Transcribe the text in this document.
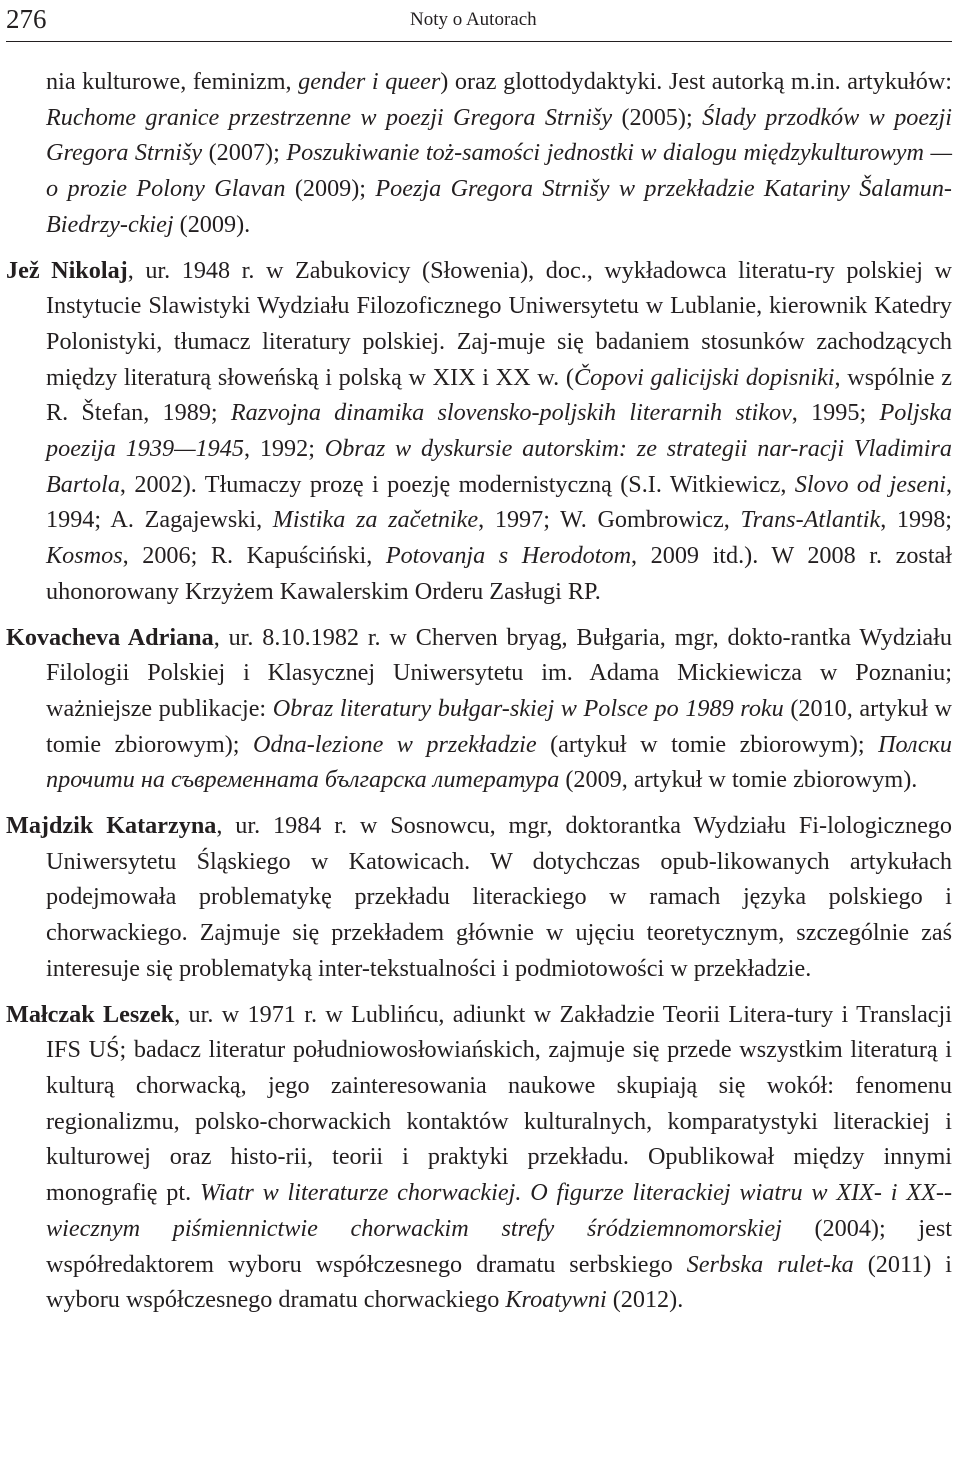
276	Noty o Autorach

nia kulturowe, feminizm, gender i queer) oraz glottodydaktyki. Jest autorką m.in. artykułów: Ruchome granice przestrzenne w poezji Gregora Strnišy (2005); Ślady przodków w poezji Gregora Strnišy (2007); Poszukiwanie toż-samości jednostki w dialogu międzykulturowym — o prozie Polony Glavan (2009); Poezja Gregora Strnišy w przekładzie Katariny Šalamun-Biedrzy-ckiej (2009).

Jež Nikolaj, ur. 1948 r. w Zabukovicy (Słowenia), doc., wykładowca literatu-ry polskiej w Instytucie Slawistyki Wydziału Filozoficznego Uniwersytetu w Lublanie, kierownik Katedry Polonistyki, tłumacz literatury polskiej. Zaj-muje się badaniem stosunków zachodzących między literaturą słoweńską i polską w XIX i XX w. (Čopovi galicijski dopisniki, wspólnie z R. Štefan, 1989; Razvojna dinamika slovensko-poljskih literarnih stikov, 1995; Poljska poezija 1939—1945, 1992; Obraz w dyskursie autorskim: ze strategii nar-racji Vladimira Bartola, 2002). Tłumaczy prozę i poezję modernistyczną (S.I. Witkiewicz, Slovo od jeseni, 1994; A. Zagajewski, Mistika za začetnike, 1997; W. Gombrowicz, Trans-Atlantik, 1998; Kosmos, 2006; R. Kapuściński, Potovanja s Herodotom, 2009 itd.). W 2008 r. został uhonorowany Krzyżem Kawalerskim Orderu Zasługi RP.

Kovacheva Adriana, ur. 8.10.1982 r. w Cherven bryag, Bułgaria, mgr, dokto-rantka Wydziału Filologii Polskiej i Klasycznej Uniwersytetu im. Adama Mickiewicza w Poznaniu; ważniejsze publikacje: Obraz literatury bułgar-skiej w Polsce po 1989 roku (2010, artykuł w tomie zbiorowym); Odna-lezione w przekładzie (artykuł w tomie zbiorowym); Полски прочити на съвременната българска литература (2009, artykuł w tomie zbiorowym).

Majdzik Katarzyna, ur. 1984 r. w Sosnowcu, mgr, doktorantka Wydziału Fi-lologicznego Uniwersytetu Śląskiego w Katowicach. W dotychczas opub-likowanych artykułach podejmowała problematykę przekładu literackiego w ramach języka polskiego i chorwackiego. Zajmuje się przekładem głównie w ujęciu teoretycznym, szczególnie zaś interesuje się problematyką inter-tekstualności i podmiotowości w przekładzie.

Małczak Leszek, ur. w 1971 r. w Lublińcu, adiunkt w Zakładzie Teorii Litera-tury i Translacji IFS UŚ; badacz literatur południowosłowiańskich, zajmuje się przede wszystkim literaturą i kulturą chorwacką, jego zainteresowania naukowe skupiają się wokół: fenomenu regionalizmu, polsko-chorwackich kontaktów kulturalnych, komparatystyki literackiej i kulturowej oraz histo-rii, teorii i praktyki przekładu. Opublikował między innymi monografię pt. Wiatr w literaturze chorwackiej. O figurze literackiej wiatru w XIX- i XX--wiecznym piśmiennictwie chorwackim strefy śródziemnomorskiej (2004); jest współredaktorem wyboru współczesnego dramatu serbskiego Serbska rulet-ka (2011) i wyboru współczesnego dramatu chorwackiego Kroatywni (2012).
